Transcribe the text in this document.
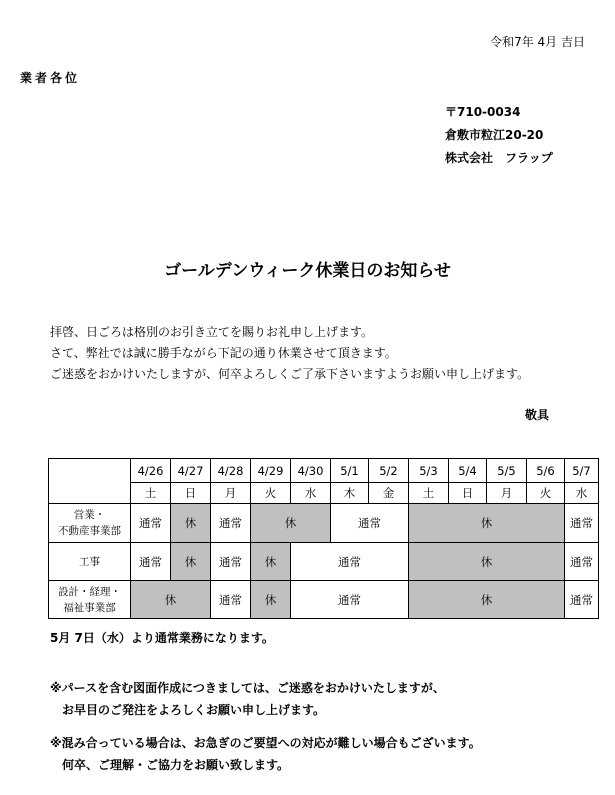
令和7年 4月 吉日
業者各位
〒710-0034
倉敷市粒江20-20
株式会社　フラップ
ゴールデンウィーク休業日のお知らせ
拝啓、日ごろは格別のお引き立てを賜りお礼申し上げます。
さて、弊社では誠に勝手ながら下記の通り休業させて頂きます。
ご迷惑をおかけいたしますが、何卒よろしくご了承下さいますようお願い申し上げます。
敬具
	4/26	4/27	4/28	4/29	4/30	5/1	5/2	5/3	5/4	5/5	5/6	5/7
	土	日	月	火	水	木	金	土	日	月	火	水

営業・
不動産事業部	通常	休	通常	休		通常		休				通常

工事	通常	休	通常	休	通常			休				通常

設計・経理・
福祉事業部	休		通常	休	通常			休				通常
5月 7日（水）より通常業務になります。
※パースを含む図面作成につきましては、ご迷惑をおかけいたしますが、
　お早目のご発注をよろしくお願い申し上げます。
※混み合っている場合は、お急ぎのご要望への対応が難しい場合もございます。
　何卒、ご理解・ご協力をお願い致します。
